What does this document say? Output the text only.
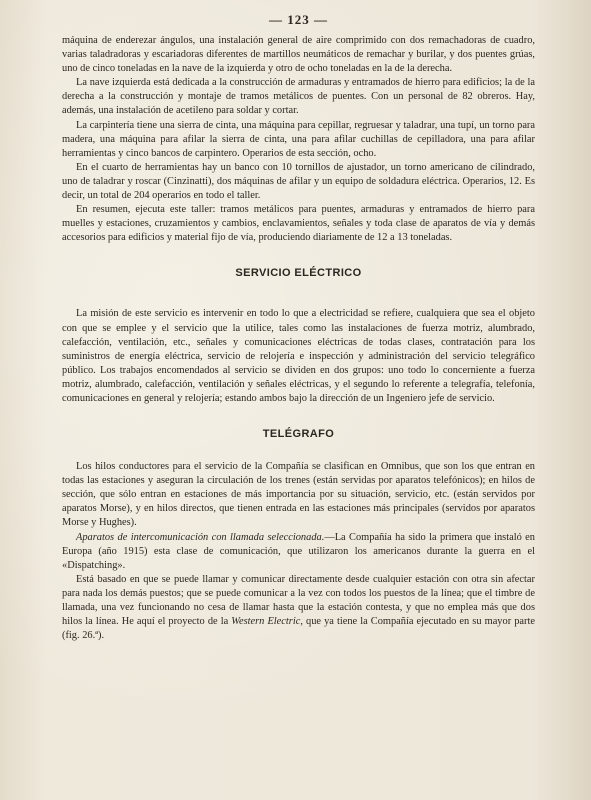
— 123 —

máquina de enderezar ángulos, una instalación general de aire comprimido con dos remachadoras de cuadro, varias taladradoras y escariadoras diferentes de martillos neumáticos de remachar y burilar, y dos puentes grúas, uno de cinco toneladas en la nave de la izquierda y otro de ocho toneladas en la de la derecha.

La nave izquierda está dedicada a la construcción de armaduras y entramados de hierro para edificios; la de la derecha a la construcción y montaje de tramos metálicos de puentes. Con un personal de 82 obreros. Hay, además, una instalación de acetileno para soldar y cortar.

La carpintería tiene una sierra de cinta, una máquina para cepillar, regruesar y taladrar, una tupí, un torno para madera, una máquina para afilar la sierra de cinta, una para afilar cuchillas de cepilladora, una para afilar herramientas y cinco bancos de carpintero. Operarios de esta sección, ocho.

En el cuarto de herramientas hay un banco con 10 tornillos de ajustador, un torno americano de cilindrado, uno de taladrar y roscar (Cinzinatti), dos máquinas de afilar y un equipo de soldadura eléctrica. Operarios, 12. Es decir, un total de 204 operarios en todo el taller.

En resumen, ejecuta este taller: tramos metálicos para puentes, armaduras y entramados de hierro para muelles y estaciones, cruzamientos y cambios, enclavamientos, señales y toda clase de aparatos de vía y demás accesorios para edificios y material fijo de vía, produciendo diariamente de 12 a 13 toneladas.

SERVICIO ELÉCTRICO

La misión de este servicio es intervenir en todo lo que a electricidad se refiere, cualquiera que sea el objeto con que se emplee y el servicio que la utilice, tales como las instalaciones de fuerza motriz, alumbrado, calefacción, ventilación, etc., señales y comunicaciones eléctricas de todas clases, contratación para los suministros de energía eléctrica, servicio de relojería e inspección y administración del servicio telegráfico público. Los trabajos encomendados al servicio se dividen en dos grupos: uno todo lo concerniente a fuerza motriz, alumbrado, calefacción, ventilación y señales eléctricas, y el segundo lo referente a telegrafía, telefonía, comunicaciones en general y relojería; estando ambos bajo la dirección de un Ingeniero jefe de servicio.

TELÉGRAFO

Los hilos conductores para el servicio de la Compañía se clasifican en Omnibus, que son los que entran en todas las estaciones y aseguran la circulación de los trenes (están servidas por aparatos telefónicos); en hilos de sección, que sólo entran en estaciones de más importancia por su situación, servicio, etc. (están servidos por aparatos Morse), y en hilos directos, que tienen entrada en las estaciones más principales (servidos por aparatos Morse y Hughes).

Aparatos de intercomunicación con llamada seleccionada.—La Compañía ha sido la primera que instaló en Europa (año 1915) esta clase de comunicación, que utilizaron los americanos durante la guerra en el «Dispatching».

Está basado en que se puede llamar y comunicar directamente desde cualquier estación con otra sin afectar para nada los demás puestos; que se puede comunicar a la vez con todos los puestos de la línea; que el timbre de llamada, una vez funcionando no cesa de llamar hasta que la estación contesta, y que no emplea más que dos hilos la línea. He aquí el proyecto de la Western Electric, que ya tiene la Compañía ejecutado en su mayor parte (fig. 26.ª).
